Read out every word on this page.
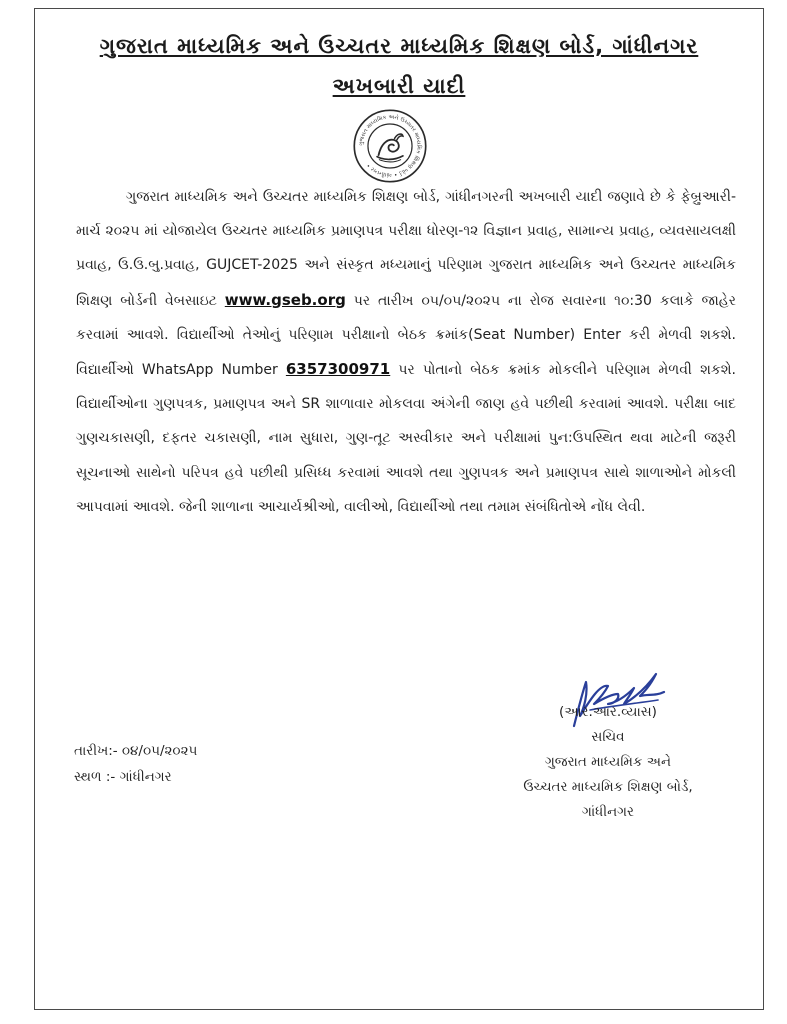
ગુજરાત માધ્યમિક અને ઉચ્ચતર માધ્યમિક શિક્ષણ બોર્ડ, ગાંધીનગર
અખબારી યાદી
ગુજરાત માધ્યમિક અને ઉચ્ચતર માધ્યમિક શિક્ષણ બોર્ડ • ગાંધીનગર •
ગુજરાત માધ્યમિક અને ઉચ્ચતર માધ્યમિક શિક્ષણ બોર્ડ, ગાંધીનગરની અખબારી યાદી જણાવે છે કે ફેબ્રુઆરી-માર્ચ ૨૦૨૫ માં યોજાયેલ ઉચ્ચતર માધ્યમિક પ્રમાણપત્ર પરીક્ષા ધોરણ-૧૨ વિજ્ઞાન પ્રવાહ, સામાન્ય પ્રવાહ, વ્યવસાયલક્ષી પ્રવાહ, ઉ.ઉ.બુ.પ્રવાહ, GUJCET-2025 અને સંસ્કૃત મધ્યમાનું પરિણામ ગુજરાત માધ્યમિક અને ઉચ્ચતર માધ્યમિક શિક્ષણ બોર્ડની વેબસાઇટ www.gseb.org પર તારીખ ૦૫/૦૫/૨૦૨૫ ના રોજ સવારના ૧૦:30 કલાકે જાહેર કરવામાં આવશે. વિદ્યાર્થીઓ તેઓનું પરિણામ પરીક્ષાનો બેઠક ક્રમાંક(Seat Number) Enter કરી મેળવી શકશે. વિદ્યાર્થીઓ WhatsApp Number 6357300971 પર પોતાનો બેઠક ક્રમાંક મોકલીને પરિણામ મેળવી શકશે. વિદ્યાર્થીઓના ગુણપત્રક, પ્રમાણપત્ર અને SR શાળાવાર મોકલવા અંગેની જાણ હવે પછીથી કરવામાં આવશે. પરીક્ષા બાદ ગુણચકાસણી, દફતર ચકાસણી, નામ સુધારા, ગુણ-તૂટ અસ્વીકાર અને પરીક્ષામાં પુન:ઉપસ્થિત થવા માટેની જરૂરી સૂચનાઓ સાથેનો પરિપત્ર હવે પછીથી પ્રસિધ્ધ કરવામાં આવશે તથા ગુણપત્રક અને પ્રમાણપત્ર સાથે શાળાઓને મોકલી આપવામાં આવશે. જેની શાળાના આચાર્યશ્રીઓ, વાલીઓ, વિદ્યાર્થીઓ તથા તમામ સંબંધિતોએ નોંધ લેવી.
(આર.આર.વ્યાસ)
સચિવ
ગુજરાત માધ્યમિક અને
ઉચ્ચતર માધ્યમિક શિક્ષણ બોર્ડ,
ગાંધીનગર
તારીખ:- ૦૪/૦૫/૨૦૨૫
સ્થળ :- ગાંધીનગર
